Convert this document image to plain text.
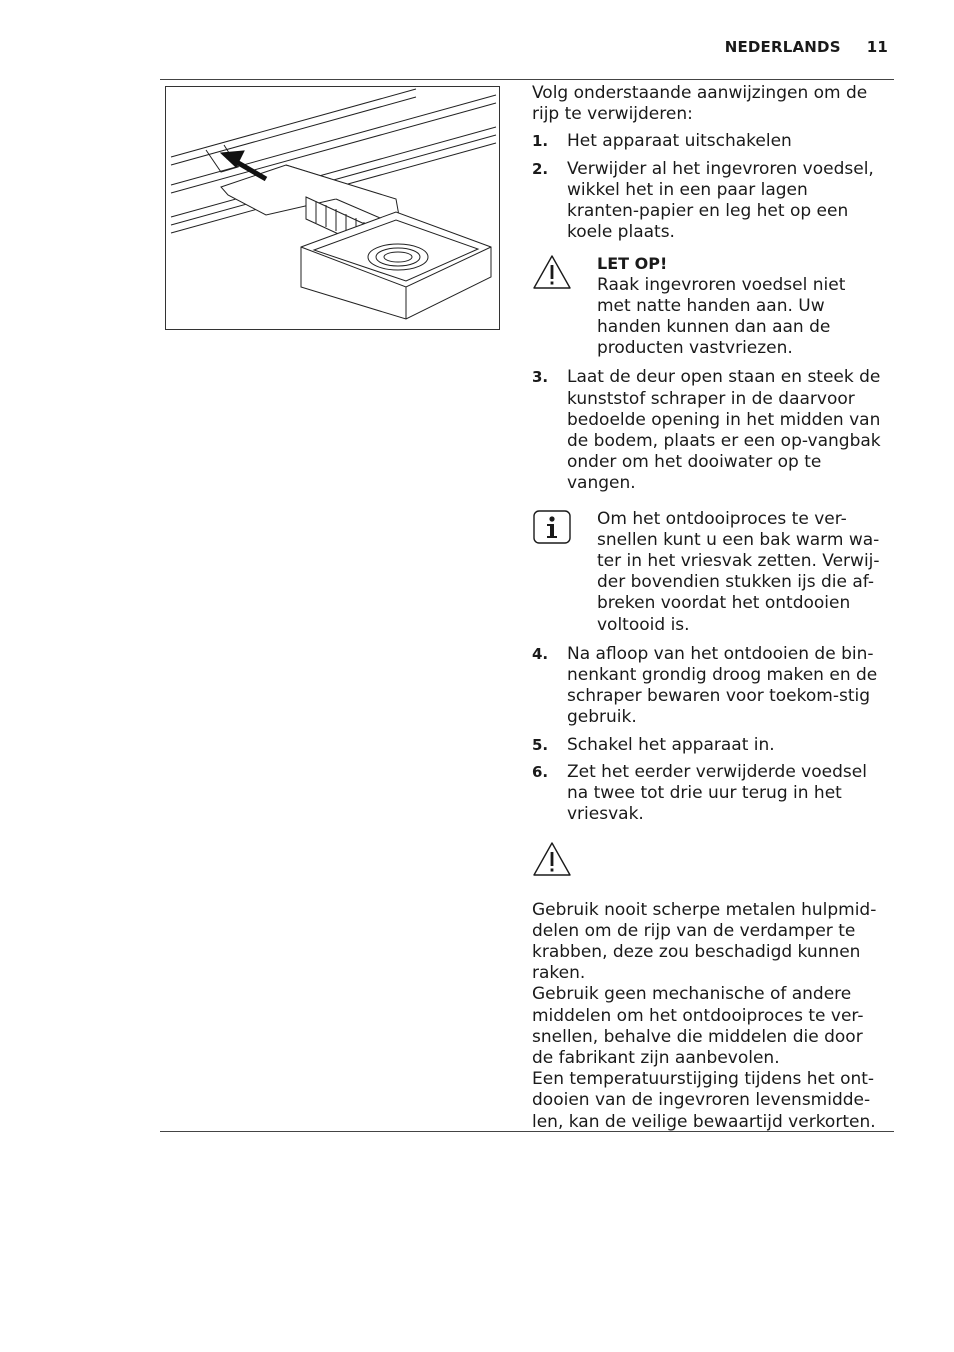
NEDERLANDS 11

Volg onderstaande aanwijzingen om de rijp te verwijderen:

1.	Het apparaat uitschakelen
2.	Verwijder al het ingevroren voedsel, wikkel het in een paar lagen kranten-papier en leg het op een koele plaats.
LET OP!
Raak ingevroren voedsel niet met natte handen aan. Uw handen kunnen dan aan de producten vastvriezen.
3.	Laat de deur open staan en steek de kunststof schraper in de daarvoor bedoelde opening in het midden van de bodem, plaats er een op-vangbak onder om het dooiwater op te vangen.
Om het ontdooiproces te ver-snellen kunt u een bak warm wa-ter in het vriesvak zetten. Verwij-der bovendien stukken ijs die af-breken voordat het ontdooien voltooid is.
4.	Na afloop van het ontdooien de bin-nenkant grondig droog maken en de schraper bewaren voor toekom-stig gebruik.
5.	Schakel het apparaat in.
6.	Zet het eerder verwijderde voedsel na twee tot drie uur terug in het vriesvak.

Gebruik nooit scherpe metalen hulpmid-delen om de rijp van de verdamper te krabben, deze zou beschadigd kunnen raken.

Gebruik geen mechanische of andere middelen om het ontdooiproces te ver-snellen, behalve die middelen die door de fabrikant zijn aanbevolen.

Een temperatuurstijging tijdens het ont-dooien van de ingevroren levensmidde-len, kan de veilige bewaartijd verkorten.
